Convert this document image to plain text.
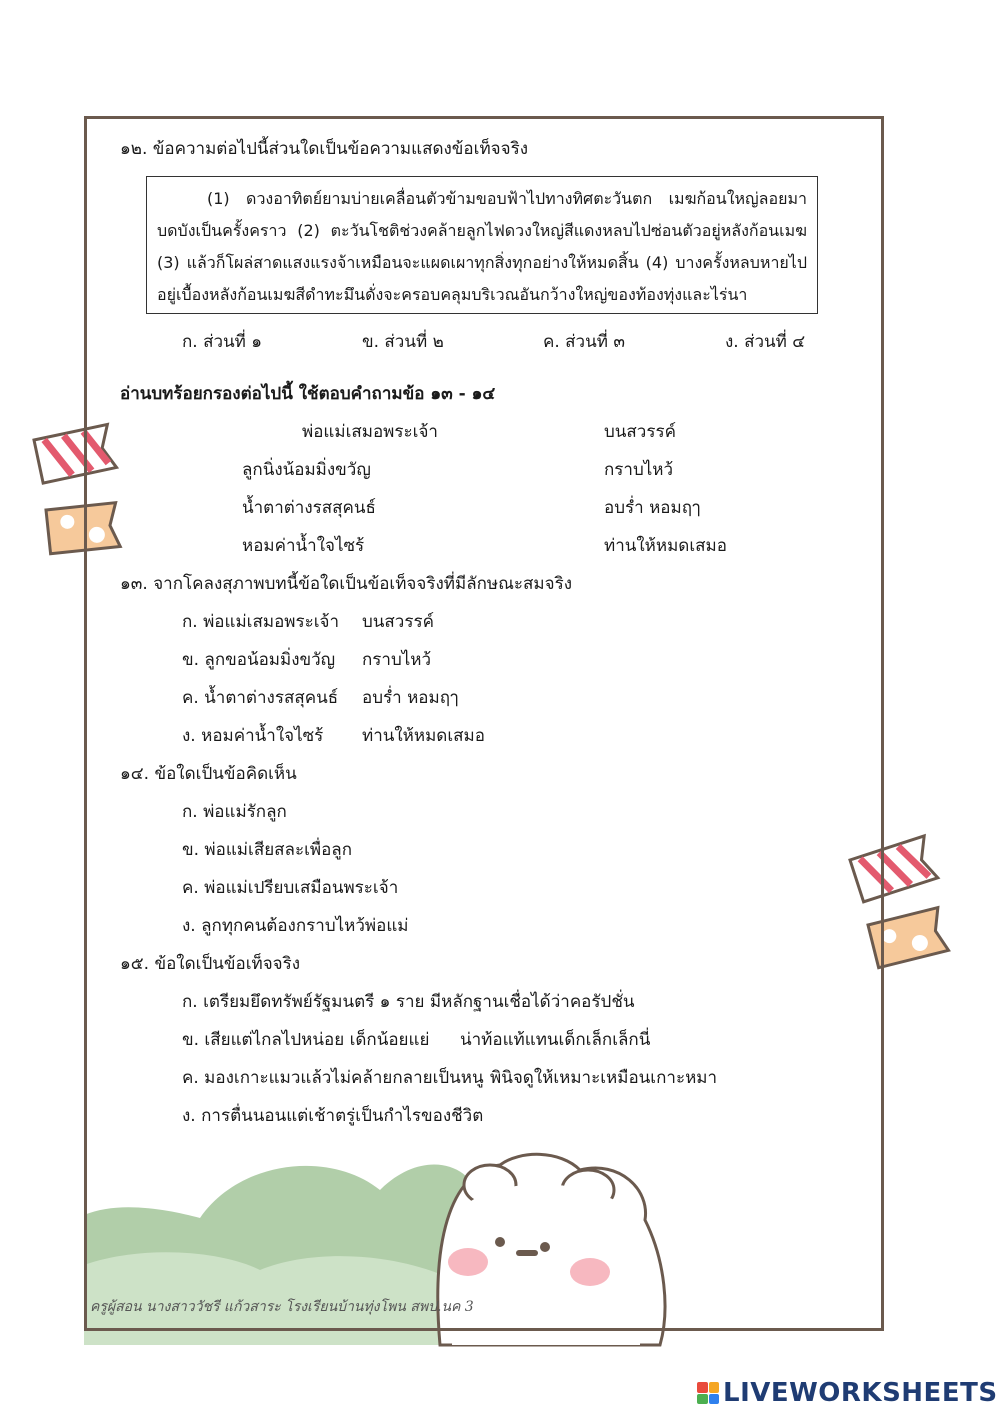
๑๒. ข้อความต่อไปนี้ส่วนใดเป็นข้อความแสดงข้อเท็จจริง

(1) ดวงอาทิตย์ยามบ่ายเคลื่อนตัวข้ามขอบฟ้าไปทางทิศตะวันตก เมฆก้อนใหญ่ลอยมาบดบังเป็นครั้งคราว (2) ตะวันโชติช่วงคล้ายลูกไฟดวงใหญ่สีแดงหลบไปซ่อนตัวอยู่หลังก้อนเมฆ (3) แล้วก็โผล่สาดแสงแรงจ้าเหมือนจะแผดเผาทุกสิ่งทุกอย่างให้หมดสิ้น (4) บางครั้งหลบหายไปอยู่เบื้องหลังก้อนเมฆสีดำทะมึนดั่งจะครอบคลุมบริเวณอันกว้างใหญ่ของท้องทุ่งและไร่นา

ก. ส่วนที่ ๑	ข. ส่วนที่ ๒	ค. ส่วนที่ ๓	ง. ส่วนที่ ๔
อ่านบทร้อยกรองต่อไปนี้ ใช้ตอบคำถามข้อ ๑๓ - ๑๔
พ่อแม่เสมอพระเจ้า	บนสวรรค์
ลูกนิ่งน้อมมิ่งขวัญ	กราบไหว้
น้ำตาต่างรสสุคนธ์	อบร่ำ หอมฤๅ
หอมค่าน้ำใจไซร้	ท่านให้หมดเสมอ
๑๓. จากโคลงสุภาพบทนี้ข้อใดเป็นข้อเท็จจริงที่มีลักษณะสมจริง
ก. พ่อแม่เสมอพระเจ้า บนสวรรค์
ข. ลูกขอน้อมมิ่งขวัญ กราบไหว้
ค. น้ำตาต่างรสสุคนธ์ อบร่ำ หอมฤๅ
ง. หอมค่าน้ำใจไซร้ ท่านให้หมดเสมอ
๑๔. ข้อใดเป็นข้อคิดเห็น
ก. พ่อแม่รักลูก
ข. พ่อแม่เสียสละเพื่อลูก
ค. พ่อแม่เปรียบเสมือนพระเจ้า
ง. ลูกทุกคนต้องกราบไหว้พ่อแม่
๑๕. ข้อใดเป็นข้อเท็จจริง
ก. เตรียมยึดทรัพย์รัฐมนตรี ๑ ราย มีหลักฐานเชื่อได้ว่าคอรัปชั่น
ข. เสียแต่ไกลไปหน่อย เด็กน้อยแย่ น่าท้อแท้แทนเด็กเล็กเล็กนี่
ค. มองเกาะแมวแล้วไม่คล้ายกลายเป็นหนู พินิจดูให้เหมาะเหมือนเกาะหมา
ง. การตื่นนอนแต่เช้าตรู่เป็นกำไรของชีวิต
ครูผู้สอน นางสาววัชรี แก้วสาระ โรงเรียนบ้านทุ่งโพน สพป.นค 3
LIVEWORKSHEETS
